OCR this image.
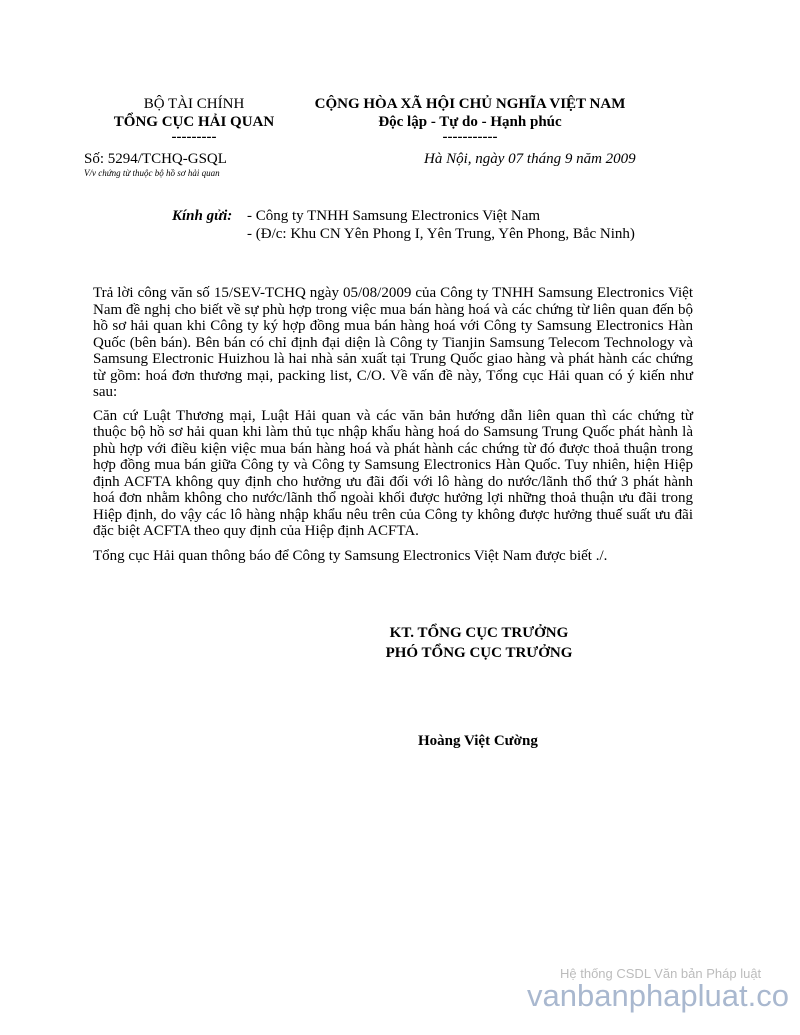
BỘ TÀI CHÍNH
TỔNG CỤC HẢI QUAN
---------
Số: 5294/TCHQ-GSQL
V/v chứng từ thuộc bộ hồ sơ hải quan
CỘNG HÒA XÃ HỘI CHỦ NGHĨA VIỆT NAM
Độc lập - Tự do - Hạnh phúc
-----------
Hà Nội, ngày 07 tháng 9 năm 2009
Kính gửi: - Công ty TNHH Samsung Electronics Việt Nam
- (Đ/c: Khu CN Yên Phong I, Yên Trung, Yên Phong, Bắc Ninh)

Trả lời công văn số 15/SEV-TCHQ ngày 05/08/2009 của Công ty TNHH Samsung Electronics Việt Nam đề nghị cho biết về sự phù hợp trong việc mua bán hàng hoá và các chứng từ liên quan đến bộ hồ sơ hải quan khi Công ty ký hợp đồng mua bán hàng hoá với Công ty Samsung Electronics Hàn Quốc (bên bán). Bên bán có chỉ định đại diện là Công ty Tianjin Samsung Telecom Technology và Samsung Electronic Huizhou là hai nhà sản xuất tại Trung Quốc giao hàng và phát hành các chứng từ gồm: hoá đơn thương mại, packing list, C/O. Về vấn đề này, Tổng cục Hải quan có ý kiến như sau:

Căn cứ Luật Thương mại, Luật Hải quan và các văn bản hướng dẫn liên quan thì các chứng từ thuộc bộ hồ sơ hải quan khi làm thủ tục nhập khẩu hàng hoá do Samsung Trung Quốc phát hành là phù hợp với điều kiện việc mua bán hàng hoá và phát hành các chứng từ đó được thoả thuận trong hợp đồng mua bán giữa Công ty và Công ty Samsung Electronics Hàn Quốc. Tuy nhiên, hiện Hiệp định ACFTA không quy định cho hưởng ưu đãi đối với lô hàng do nước/lãnh thổ thứ 3 phát hành hoá đơn nhằm không cho nước/lãnh thổ ngoài khối được hưởng lợi những thoả thuận ưu đãi trong Hiệp định, do vậy các lô hàng nhập khẩu nêu trên của Công ty không được hưởng thuế suất ưu đãi đặc biệt ACFTA theo quy định của Hiệp định ACFTA.

Tổng cục Hải quan thông báo để Công ty Samsung Electronics Việt Nam được biết ./.

KT. TỔNG CỤC TRƯỞNG
PHÓ TỔNG CỤC TRƯỞNG
Hoàng Việt Cường
Hệ thống CSDL Văn bản Pháp luật
vanbanphapluat.co
